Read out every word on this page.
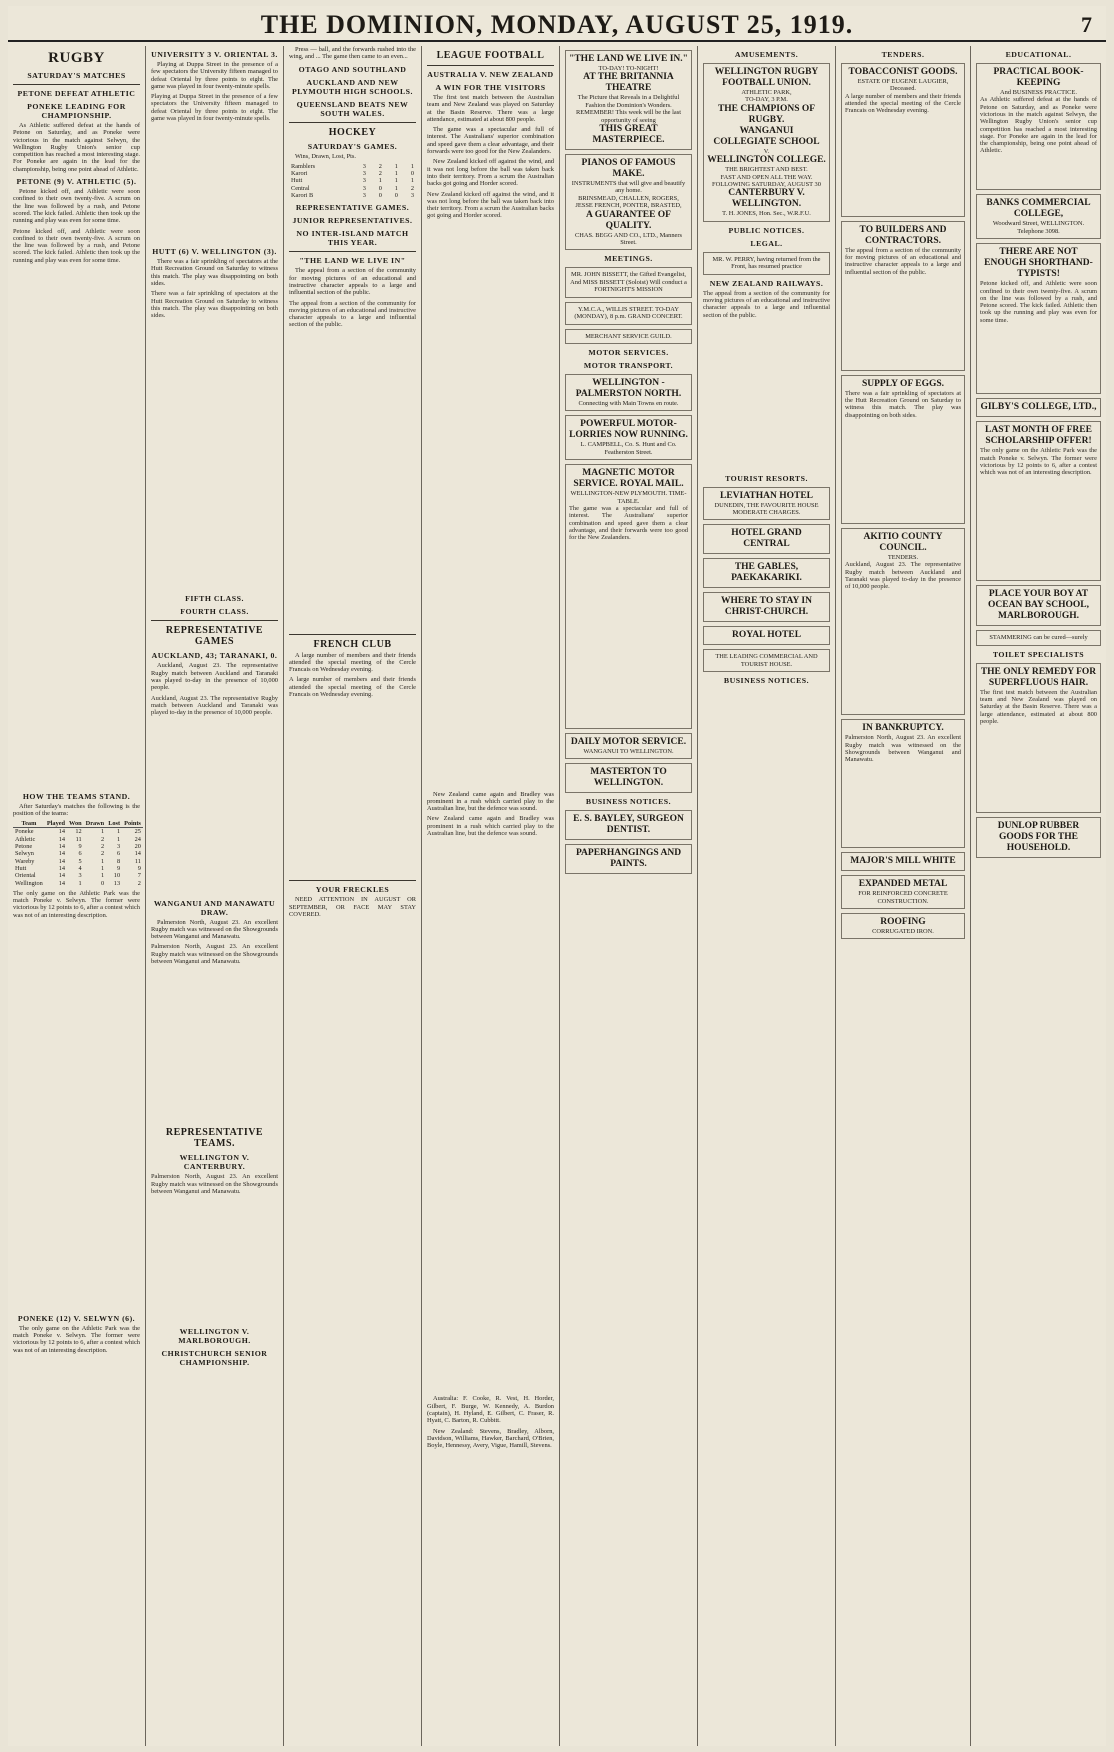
THE DOMINION, MONDAY, AUGUST 25, 1919.	7
RUGBY
SATURDAY'S MATCHES
PETONE DEFEAT ATHLETIC
PONEKE LEADING FOR CHAMPIONSHIP.

As Athletic suffered defeat at the hands of Petone on Saturday, and as Poneke were victorious in the match against Selwyn, the Wellington Rugby Union's senior cup competition has reached a most interesting stage. For Poneke are again in the lead for the championship, being one point ahead of Athletic.

PETONE (9) V. ATHLETIC (5).

Petone kicked off, and Athletic were soon confined to their own twenty-five. A scrum on the line was followed by a rush, and Petone scored. The kick failed. Athletic then took up the running and play was even for some time.

Petone kicked off, and Athletic were soon confined to their own twenty-five. A scrum on the line was followed by a rush, and Petone scored. The kick failed. Athletic then took up the running and play was even for some time.
HOW THE TEAMS STAND.

After Saturday's matches the following is the position of the teams:

Team	Played	Won	Drawn	Lost	Points
Poneke	14	12	1	1	25
Athletic	14	11	2	1	24
Petone	14	9	2	3	20
Selwyn	14	6	2	6	14
Wareby	14	5	1	8	11
Hutt	14	4	1	9	9
Oriental	14	3	1	10	7
Wellington	14	1	0	13	2
The only game on the Athletic Park was the match Poneke v. Selwyn. The former were victorious by 12 points to 6, after a contest which was not of an interesting description.
PONEKE (12) V. SELWYN (6).

The only game on the Athletic Park was the match Poneke v. Selwyn. The former were victorious by 12 points to 6, after a contest which was not of an interesting description.

UNIVERSITY 3 V. ORIENTAL 3.

Playing at Duppa Street in the presence of a few spectators the University fifteen managed to defeat Oriental by three points to eight. The game was played in four twenty-minute spells.

Playing at Duppa Street in the presence of a few spectators the University fifteen managed to defeat Oriental by three points to eight. The game was played in four twenty-minute spells.
HUTT (6) V. WELLINGTON (3).

There was a fair sprinkling of spectators at the Hutt Recreation Ground on Saturday to witness this match. The play was disappointing on both sides.

There was a fair sprinkling of spectators at the Hutt Recreation Ground on Saturday to witness this match. The play was disappointing on both sides.
FIFTH CLASS.
FOURTH CLASS.
REPRESENTATIVE GAMES
AUCKLAND, 43; TARANAKI, 0.

Auckland, August 23. The representative Rugby match between Auckland and Taranaki was played to-day in the presence of 10,000 people.

Auckland, August 23. The representative Rugby match between Auckland and Taranaki was played to-day in the presence of 10,000 people.
WANGANUI AND MANAWATU DRAW.

Palmerston North, August 23. An excellent Rugby match was witnessed on the Showgrounds between Wanganui and Manawatu.

Palmerston North, August 23. An excellent Rugby match was witnessed on the Showgrounds between Wanganui and Manawatu.
REPRESENTATIVE TEAMS.
WELLINGTON V. CANTERBURY.
Palmerston North, August 23. An excellent Rugby match was witnessed on the Showgrounds between Wanganui and Manawatu.
WELLINGTON V. MARLBOROUGH.
CHRISTCHURCH SENIOR CHAMPIONSHIP.

Press — ball, and the forwards rushed into the wing, and ... The game then came to an even...

OTAGO AND SOUTHLAND
AUCKLAND AND NEW PLYMOUTH HIGH SCHOOLS.
QUEENSLAND BEATS NEW SOUTH WALES.
HOCKEY
SATURDAY'S GAMES.

Wins, Drawn, Lost, Pts.

Ramblers	3	2	1	1
Karori	3	2	1	0
Hutt	3	1	1	1
Central	3	0	1	2
Karori B	3	0	0	3
REPRESENTATIVE GAMES.
JUNIOR REPRESENTATIVES.
NO INTER-ISLAND MATCH THIS YEAR.
"THE LAND WE LIVE IN"

The appeal from a section of the community for moving pictures of an educational and instructive character appeals to a large and influential section of the public.

The appeal from a section of the community for moving pictures of an educational and instructive character appeals to a large and influential section of the public.
FRENCH CLUB

A large number of members and their friends attended the special meeting of the Cercle Francais on Wednesday evening.

A large number of members and their friends attended the special meeting of the Cercle Francais on Wednesday evening.
YOUR FRECKLES

NEED ATTENTION IN AUGUST OR SEPTEMBER, OR FACE MAY STAY COVERED.

LEAGUE FOOTBALL
AUSTRALIA V. NEW ZEALAND
A WIN FOR THE VISITORS

The first test match between the Australian team and New Zealand was played on Saturday at the Basin Reserve. There was a large attendance, estimated at about 800 people.

The game was a spectacular and full of interest. The Australians' superior combination and speed gave them a clear advantage, and their forwards were too good for the New Zealanders.

New Zealand kicked off against the wind, and it was not long before the ball was taken back into their territory. From a scrum the Australian backs got going and Horder scored.

New Zealand kicked off against the wind, and it was not long before the ball was taken back into their territory. From a scrum the Australian backs got going and Horder scored.

New Zealand came again and Bradley was prominent in a rush which carried play to the Australian line, but the defence was sound.

New Zealand came again and Bradley was prominent in a rush which carried play to the Australian line, but the defence was sound.

Australia: F. Cooke, R. Vest, H. Horder, Gilbert, F. Burge, W. Kennedy, A. Burdon (captain), H. Hyland, E. Gilbert, C. Fraser, R. Hyatt, C. Barton, R. Cubbitt.

New Zealand: Stevens, Bradley, Alborn, Davidson, Williams, Hawker, Barchard, O'Brien, Boyle, Hennessy, Avery, Vigue, Hamill, Stevens.

"THE LAND WE LIVE IN."
TO-DAY! TO-NIGHT!
AT THE BRITANNIA THEATRE
The Picture that Reveals in a Delightful Fashion the Dominion's Wonders.
REMEMBER! This week will be the last opportunity of seeing
THIS GREAT MASTERPIECE.
PIANOS OF FAMOUS MAKE.
INSTRUMENTS that will give and beautify any home.
BRINSMEAD, CHALLEN, ROGERS, JESSE FRENCH, PONTER, BRASTED,
A GUARANTEE OF QUALITY.
CHAS. BEGG AND CO., LTD., Manners Street.
MEETINGS.
MR. JOHN BISSETT, the Gifted Evangelist, And MISS BISSETT (Soloist) Will conduct a FORTNIGHT'S MISSION
Y.M.C.A., WILLIS STREET. TO-DAY (MONDAY), 8 p.m. GRAND CONCERT.
MERCHANT SERVICE GUILD.
MOTOR SERVICES.
MOTOR TRANSPORT.
WELLINGTON - PALMERSTON NORTH.
Connecting with Main Towns en route.
POWERFUL MOTOR-LORRIES NOW RUNNING.
L. CAMPBELL, Co. S. Hunt and Co. Featherston Street.
MAGNETIC MOTOR SERVICE. ROYAL MAIL.
WELLINGTON-NEW PLYMOUTH. TIME-TABLE.
The game was a spectacular and full of interest. The Australians' superior combination and speed gave them a clear advantage, and their forwards were too good for the New Zealanders.
DAILY MOTOR SERVICE.
WANGANUI TO WELLINGTON.
MASTERTON TO WELLINGTON.
BUSINESS NOTICES.
E. S. BAYLEY, SURGEON DENTIST.
PAPERHANGINGS AND PAINTS.
AMUSEMENTS.
WELLINGTON RUGBY FOOTBALL UNION.
ATHLETIC PARK,
TO-DAY, 3 P.M.
THE CHAMPIONS OF RUGBY.
WANGANUI COLLEGIATE SCHOOL
V.
WELLINGTON COLLEGE.
THE BRIGHTEST AND BEST.
FAST AND OPEN ALL THE WAY.
FOLLOWING SATURDAY, AUGUST 30
CANTERBURY V. WELLINGTON.
T. H. JONES, Hon. Sec., W.R.F.U.
PUBLIC NOTICES.
LEGAL.
MR. W. PERRY, having returned from the Front, has resumed practice
NEW ZEALAND RAILWAYS.
The appeal from a section of the community for moving pictures of an educational and instructive character appeals to a large and influential section of the public.
TOURIST RESORTS.
LEVIATHAN HOTEL
DUNEDIN, THE FAVOURITE HOUSE
MODERATE CHARGES.
HOTEL GRAND CENTRAL
THE GABLES, PAEKAKARIKI.
WHERE TO STAY IN CHRIST-CHURCH.
ROYAL HOTEL
THE LEADING COMMERCIAL AND TOURIST HOUSE.
BUSINESS NOTICES.
TENDERS.
TOBACCONIST GOODS.
ESTATE OF EUGENE LAUGIER, Deceased.
A large number of members and their friends attended the special meeting of the Cercle Francais on Wednesday evening.
TO BUILDERS AND CONTRACTORS.
The appeal from a section of the community for moving pictures of an educational and instructive character appeals to a large and influential section of the public.
SUPPLY OF EGGS.
There was a fair sprinkling of spectators at the Hutt Recreation Ground on Saturday to witness this match. The play was disappointing on both sides.
AKITIO COUNTY COUNCIL.
TENDERS.
Auckland, August 23. The representative Rugby match between Auckland and Taranaki was played to-day in the presence of 10,000 people.
IN BANKRUPTCY.
Palmerston North, August 23. An excellent Rugby match was witnessed on the Showgrounds between Wanganui and Manawatu.
MAJOR'S MILL WHITE
EXPANDED METAL
FOR REINFORCED CONCRETE CONSTRUCTION.
ROOFING
CORRUGATED IRON.
EDUCATIONAL.
PRACTICAL BOOK-KEEPING
And BUSINESS PRACTICE.
As Athletic suffered defeat at the hands of Petone on Saturday, and as Poneke were victorious in the match against Selwyn, the Wellington Rugby Union's senior cup competition has reached a most interesting stage. For Poneke are again in the lead for the championship, being one point ahead of Athletic.
BANKS COMMERCIAL COLLEGE,
Woodward Street, WELLINGTON.
Telephone 3098.
THERE ARE NOT ENOUGH SHORTHAND-TYPISTS!
Petone kicked off, and Athletic were soon confined to their own twenty-five. A scrum on the line was followed by a rush, and Petone scored. The kick failed. Athletic then took up the running and play was even for some time.
GILBY'S COLLEGE, LTD.,
LAST MONTH OF FREE SCHOLARSHIP OFFER!
The only game on the Athletic Park was the match Poneke v. Selwyn. The former were victorious by 12 points to 6, after a contest which was not of an interesting description.
PLACE YOUR BOY AT OCEAN BAY SCHOOL, MARLBOROUGH.
STAMMERING can be cured—surely
TOILET SPECIALISTS
THE ONLY REMEDY FOR SUPERFLUOUS HAIR.
The first test match between the Australian team and New Zealand was played on Saturday at the Basin Reserve. There was a large attendance, estimated at about 800 people.
DUNLOP RUBBER GOODS FOR THE HOUSEHOLD.
